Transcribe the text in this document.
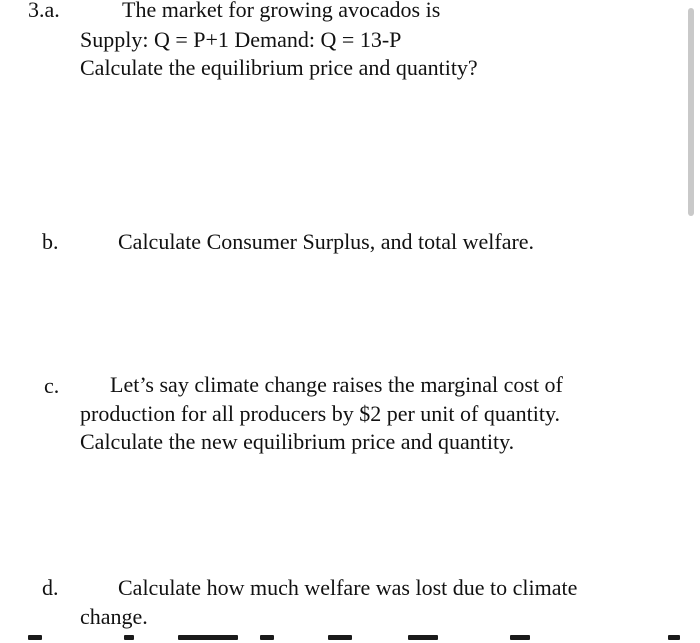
3.a.	The market for growing avocados is
Supply: Q = P+1 Demand: Q = 13-P
Calculate the equilibrium price and quantity?
b.	Calculate Consumer Surplus, and total welfare.
c. Let’s say climate change raises the marginal cost of
production for all producers by $2 per unit of quantity.
Calculate the new equilibrium price and quantity.
d.	Calculate how much welfare was lost due to climate
change.
